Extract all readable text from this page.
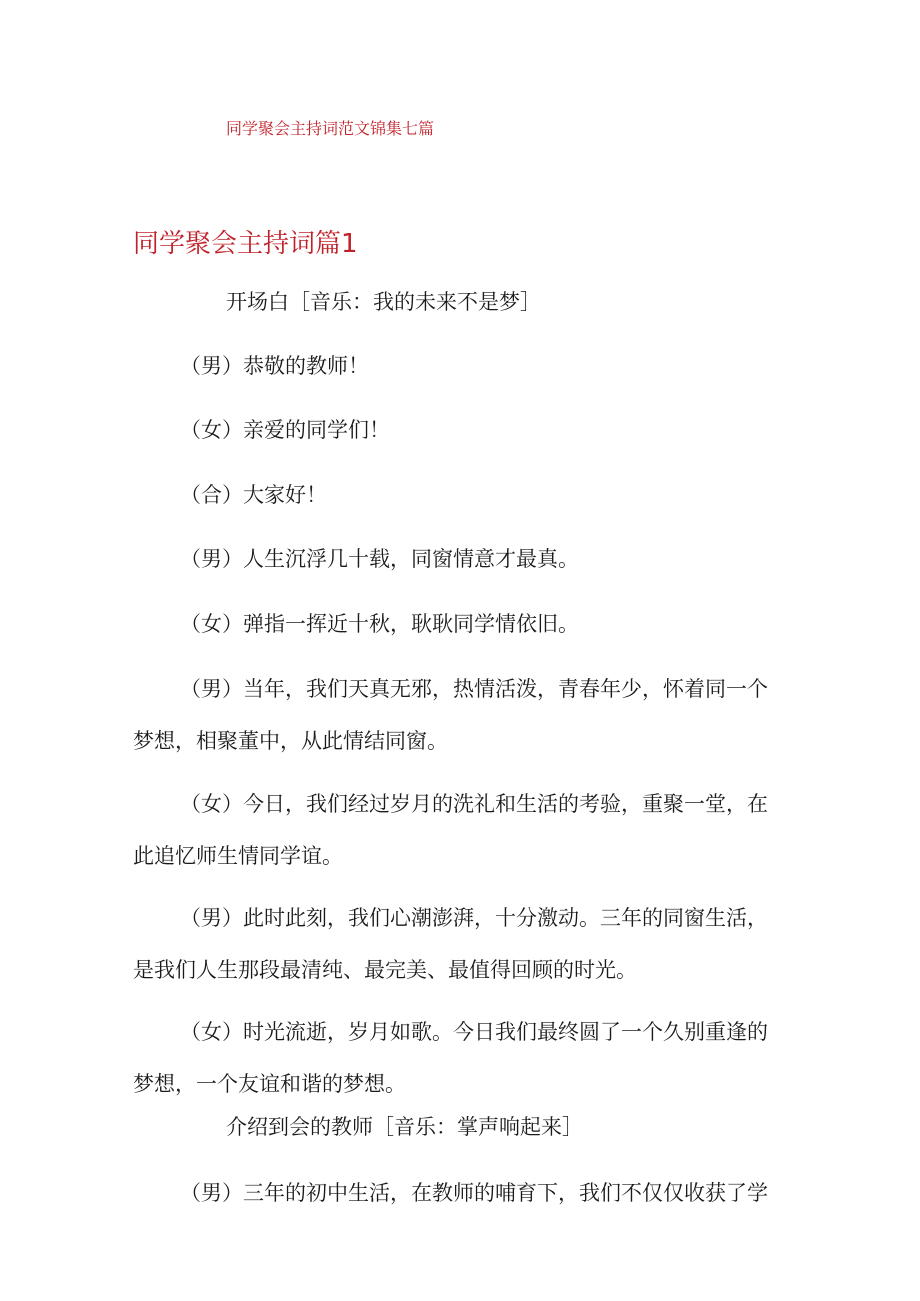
同学聚会主持词范文锦集七篇
同学聚会主持词篇1
开场白［音乐：我的未来不是梦］
（男）恭敬的教师！
（女）亲爱的同学们！
（合）大家好！
（男）人生沉浮几十载，同窗情意才最真。
（女）弹指一挥近十秋，耿耿同学情依旧。
（男）当年，我们天真无邪，热情活泼，青春年少，怀着同一个
梦想，相聚董中，从此情结同窗。
（女）今日，我们经过岁月的洗礼和生活的考验，重聚一堂，在
此追忆师生情同学谊。
（男）此时此刻，我们心潮澎湃，十分激动。三年的同窗生活，
是我们人生那段最清纯、最完美、最值得回顾的时光。
（女）时光流逝，岁月如歌。今日我们最终圆了一个久别重逢的
梦想，一个友谊和谐的梦想。
介绍到会的教师［音乐：掌声响起来］
（男）三年的初中生活，在教师的哺育下，我们不仅仅收获了学
